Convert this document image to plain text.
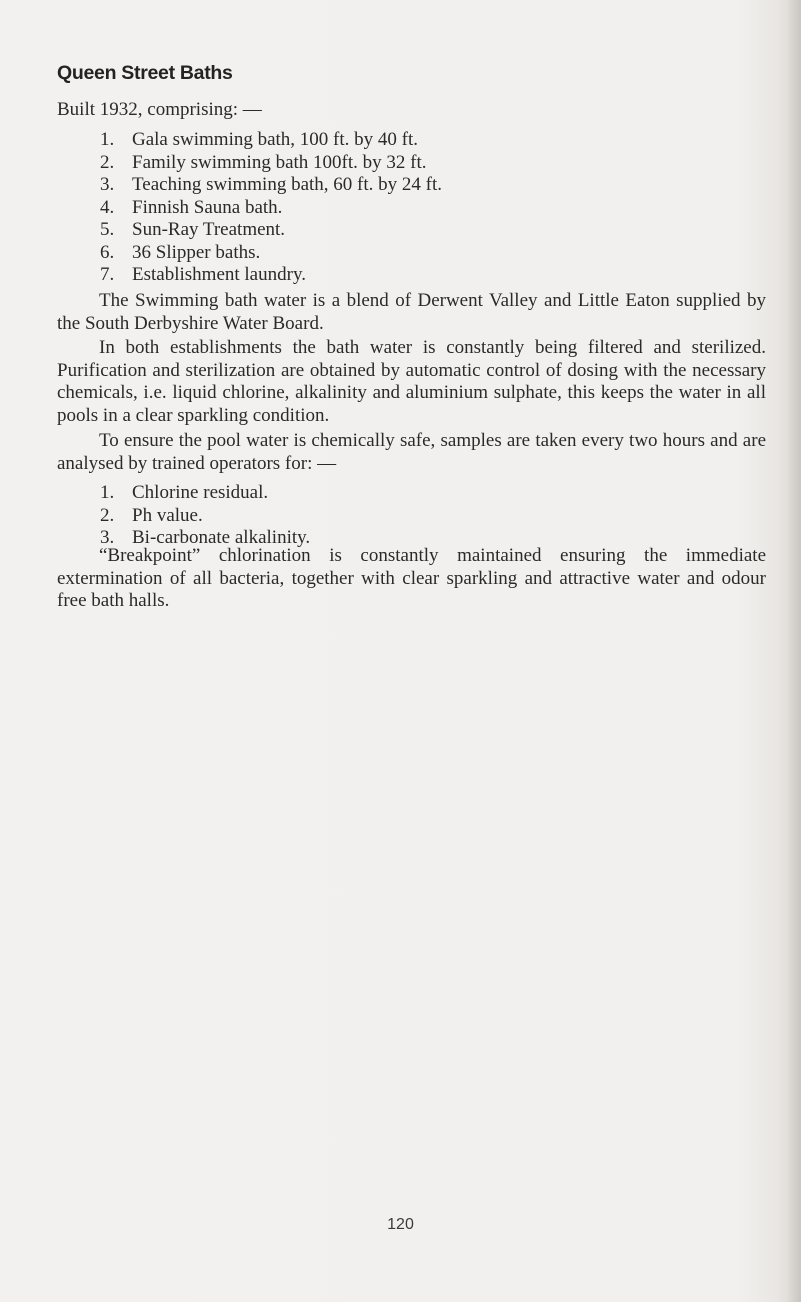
Queen Street Baths

Built 1932, comprising: —

1. Gala swimming bath, 100 ft. by 40 ft.
2. Family swimming bath 100ft. by 32 ft.
3. Teaching swimming bath, 60 ft. by 24 ft.
4. Finnish Sauna bath.
5. Sun-Ray Treatment.
6. 36 Slipper baths.
7. Establishment laundry.

The Swimming bath water is a blend of Derwent Valley and Little Eaton supplied by the South Derbyshire Water Board.

In both establishments the bath water is constantly being filtered and sterilized. Purification and sterilization are obtained by automatic control of dosing with the necessary chemicals, i.e. liquid chlorine, alkalinity and aluminium sulphate, this keeps the water in all pools in a clear sparkling condition.

To ensure the pool water is chemically safe, samples are taken every two hours and are analysed by trained operators for: —

1. Chlorine residual.
2. Ph value.
3. Bi-carbonate alkalinity.

“Breakpoint” chlorination is constantly maintained ensuring the immediate extermination of all bacteria, together with clear sparkling and attractive water and odour free bath halls.

120
